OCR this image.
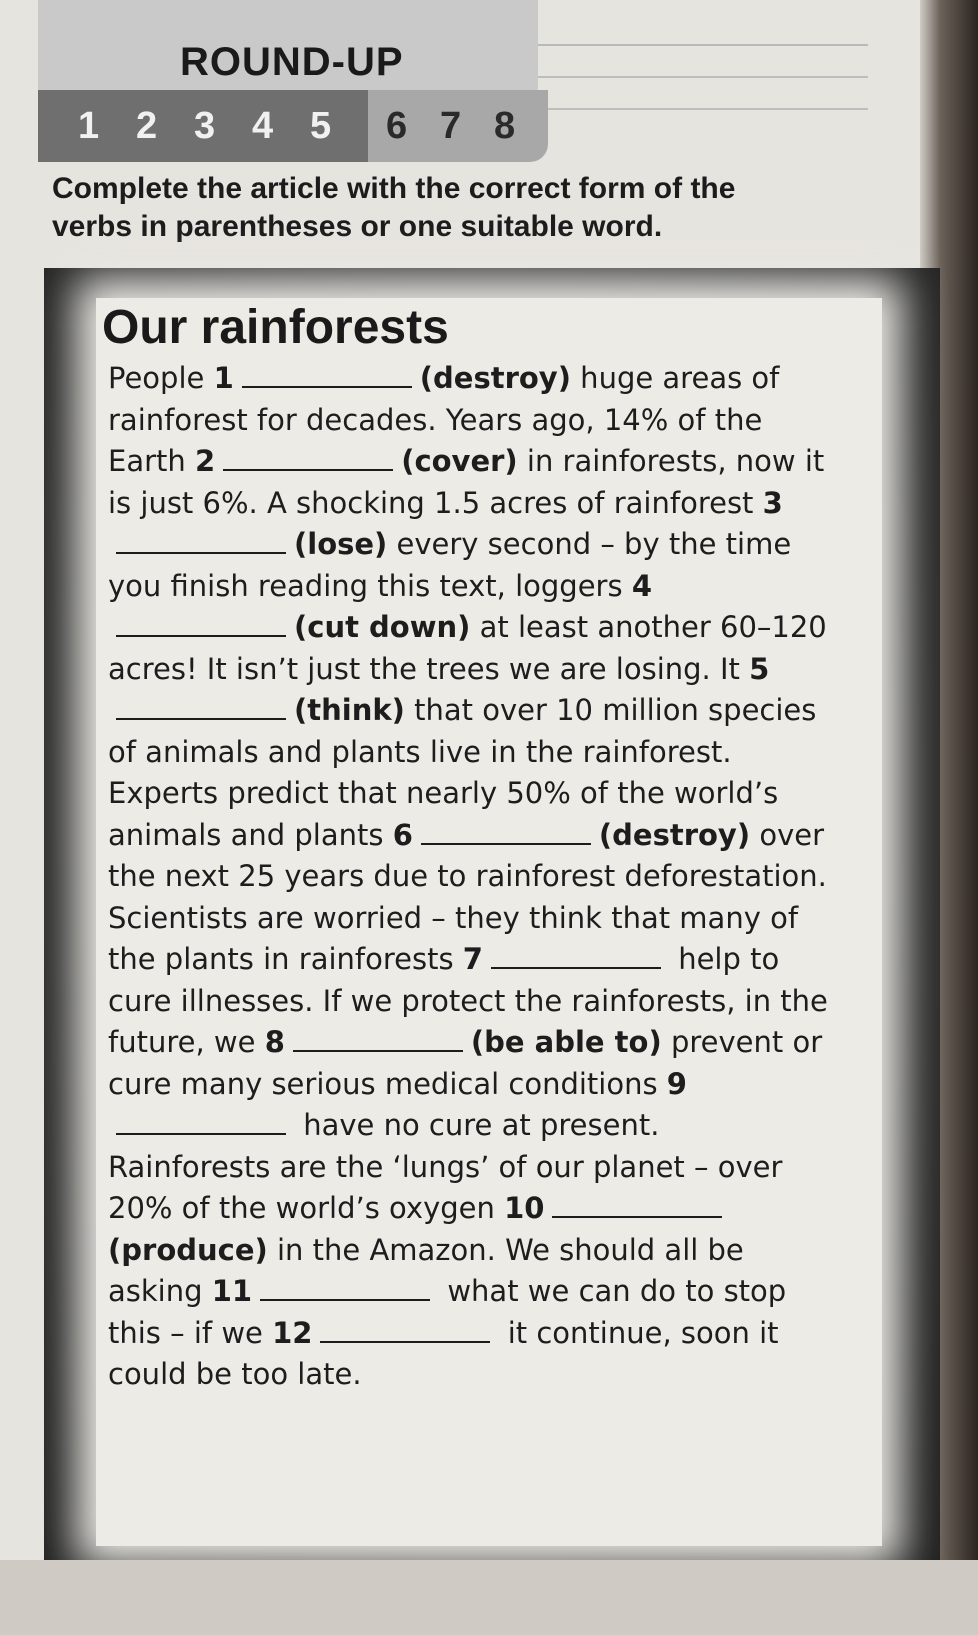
ROUND-UP
1 2 3 4 5	6 7 8
Complete the article with the correct form of the verbs in parentheses or one suitable word.
Our rainforests

People 1	(destroy) huge areas of rainforest for decades. Years ago, 14% of the Earth 2	(cover) in rainforests, now it is just 6%. A shocking 1.5 acres of rainforest 3(lose) every second – by the time you finish reading this text, loggers 4(cut down) at least another 60–120 acres! It isn’t just the trees we are losing. It 5(think) that over 10 million species of animals and plants live in the rainforest. Experts predict that nearly 50% of the world’s animals and plants 6	(destroy) over the next 25 years due to rainforest deforestation. Scientists are worried – they think that many of the plants in rainforests 7	help to cure illnesses. If we protect the rainforests, in the future, we 8	(be able to) prevent or cure many serious medical conditions 9 have no cure at present. Rainforests are the ‘lungs’ of our planet – over 20% of the world’s oxygen 10(produce) in the Amazon. We should all be asking 11	what we can do to stop this – if we 12	it continue, soon it could be too late.
